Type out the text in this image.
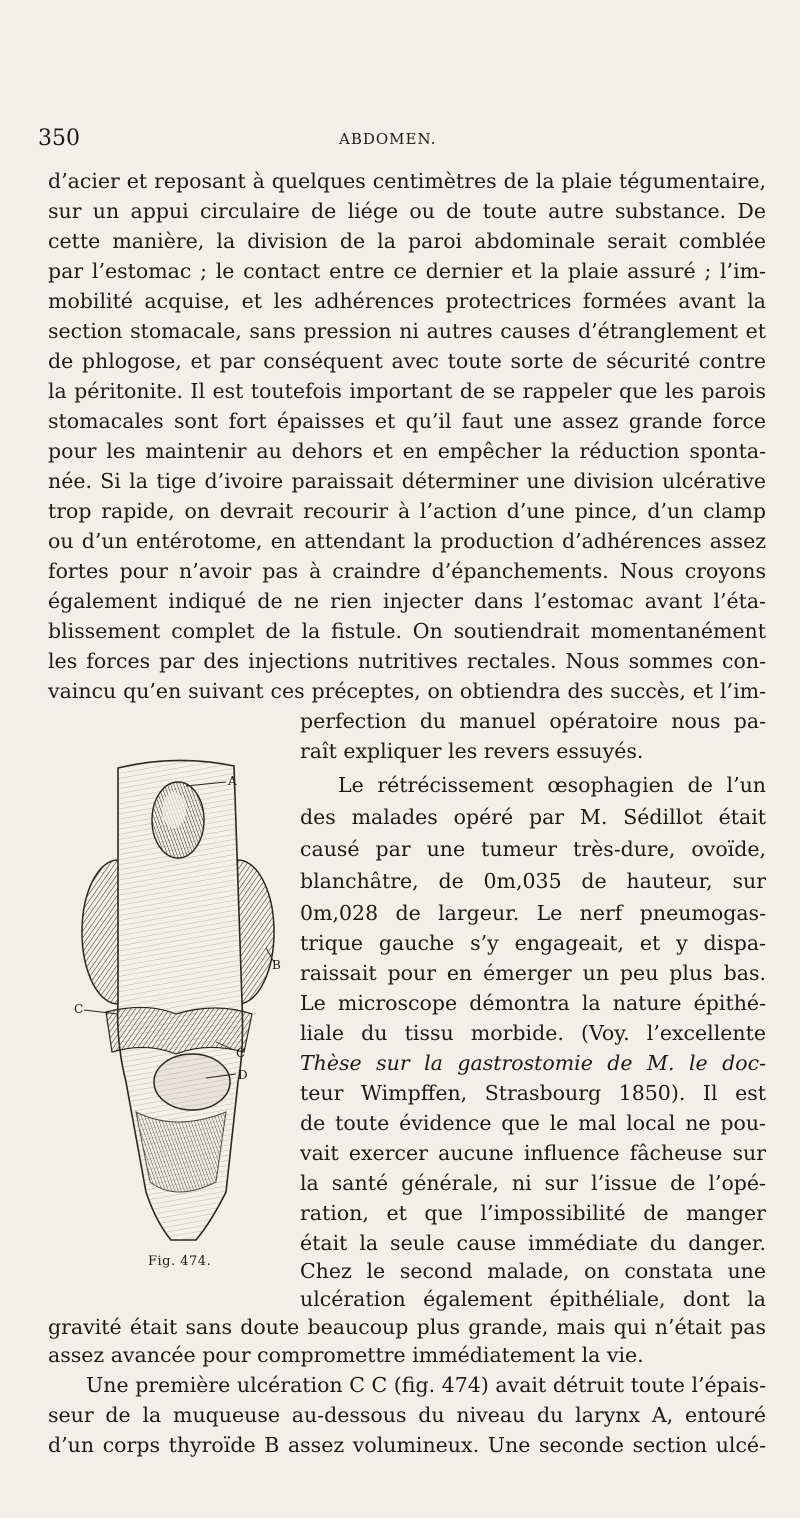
350	ABDOMEN.
d’acier et reposant à quelques centimètres de la plaie tégumentaire,
sur un appui circulaire de liége ou de toute autre substance. De
cette manière, la division de la paroi abdominale serait comblée
par l’estomac ; le contact entre ce dernier et la plaie assuré ; l’im-
mobilité acquise, et les adhérences protectrices formées avant la
section stomacale, sans pression ni autres causes d’étranglement et
de phlogose, et par conséquent avec toute sorte de sécurité contre
la péritonite. Il est toutefois important de se rappeler que les parois
stomacales sont fort épaisses et qu’il faut une assez grande force
pour les maintenir au dehors et en empêcher la réduction sponta-
née. Si la tige d’ivoire paraissait déterminer une division ulcérative
trop rapide, on devrait recourir à l’action d’une pince, d’un clamp
ou d’un entérotome, en attendant la production d’adhérences assez
fortes pour n’avoir pas à craindre d’épanchements. Nous croyons
également indiqué de ne rien injecter dans l’estomac avant l’éta-
blissement complet de la fistule. On soutiendrait momentanément
les forces par des injections nutritives rectales. Nous sommes con-
vaincu qu’en suivant ces préceptes, on obtiendra des succès, et l’im-
perfection du manuel opératoire nous pa-
raît expliquer les revers essuyés.
Le rétrécissement œsophagien de l’un
des malades opéré par M. Sédillot était
causé par une tumeur très-dure, ovoïde,
blanchâtre, de 0m,035 de hauteur, sur
0m,028 de largeur. Le nerf pneumogas-
trique gauche s’y engageait, et y dispa-
raissait pour en émerger un peu plus bas.
Le microscope démontra la nature épithé-
liale du tissu morbide. (Voy. l’excellente
Thèse sur la gastrostomie de M. le doc-
teur Wimpffen, Strasbourg 1850). Il est
de toute évidence que le mal local ne pou-
vait exercer aucune influence fâcheuse sur
la santé générale, ni sur l’issue de l’opé-
ration, et que l’impossibilité de manger
était la seule cause immédiate du danger.
Chez le second malade, on constata une
ulcération également épithéliale, dont la
gravité était sans doute beaucoup plus grande, mais qui n’était pas
assez avancée pour compromettre immédiatement la vie.
Une première ulcération C C (fig. 474) avait détruit toute l’épais-
seur de la muqueuse au-dessous du niveau du larynx A, entouré
d’un corps thyroïde B assez volumineux. Une seconde section ulcé-
A
B
C
C
D
Fig. 474.
